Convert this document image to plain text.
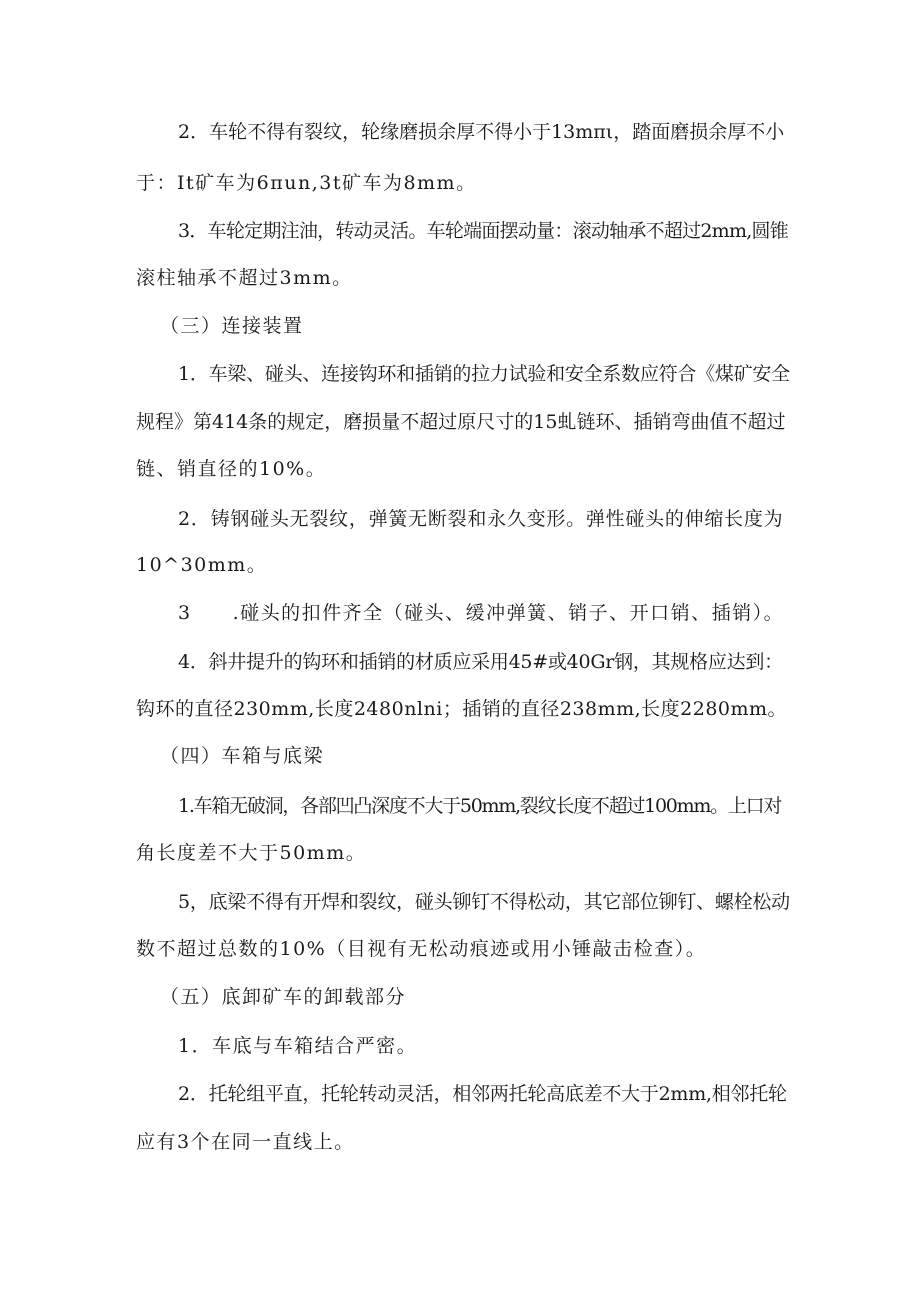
2．车轮不得有裂纹，轮缘磨损余厚不得小于13mπι，踏面磨损余厚不小
于：It矿车为6πun,3t矿车为8mm。
3．车轮定期注油，转动灵活。车轮端面摆动量：滚动轴承不超过2mm,圆锥
滚柱轴承不超过3mm。
（三）连接装置
1．车梁、碰头、连接钩环和插销的拉力试验和安全系数应符合《煤矿安全
规程》第414条的规定，磨损量不超过原尺寸的15虬链环、插销弯曲值不超过
链、销直径的10%。
2．铸钢碰头无裂纹，弹簧无断裂和永久变形。弹性碰头的伸缩长度为
10^30mm。
3　　.碰头的扣件齐全（碰头、缓冲弹簧、销子、开口销、插销）。
4．斜井提升的钩环和插销的材质应采用45#或40Gr钢，其规格应达到：
钩环的直径230mm,长度2480nlni；插销的直径238mm,长度2280mm。
（四）车箱与底梁
1.车箱无破洞，各部凹凸深度不大于50mm,裂纹长度不超过100mm。上口对
角长度差不大于50mm。
5，底梁不得有开焊和裂纹，碰头铆钉不得松动，其它部位铆钉、螺栓松动
数不超过总数的10%（目视有无松动痕迹或用小锤敲击检查）。
（五）底卸矿车的卸载部分
1．车底与车箱结合严密。
2．托轮组平直，托轮转动灵活，相邻两托轮高底差不大于2mm,相邻托轮
应有3个在同一直线上。
